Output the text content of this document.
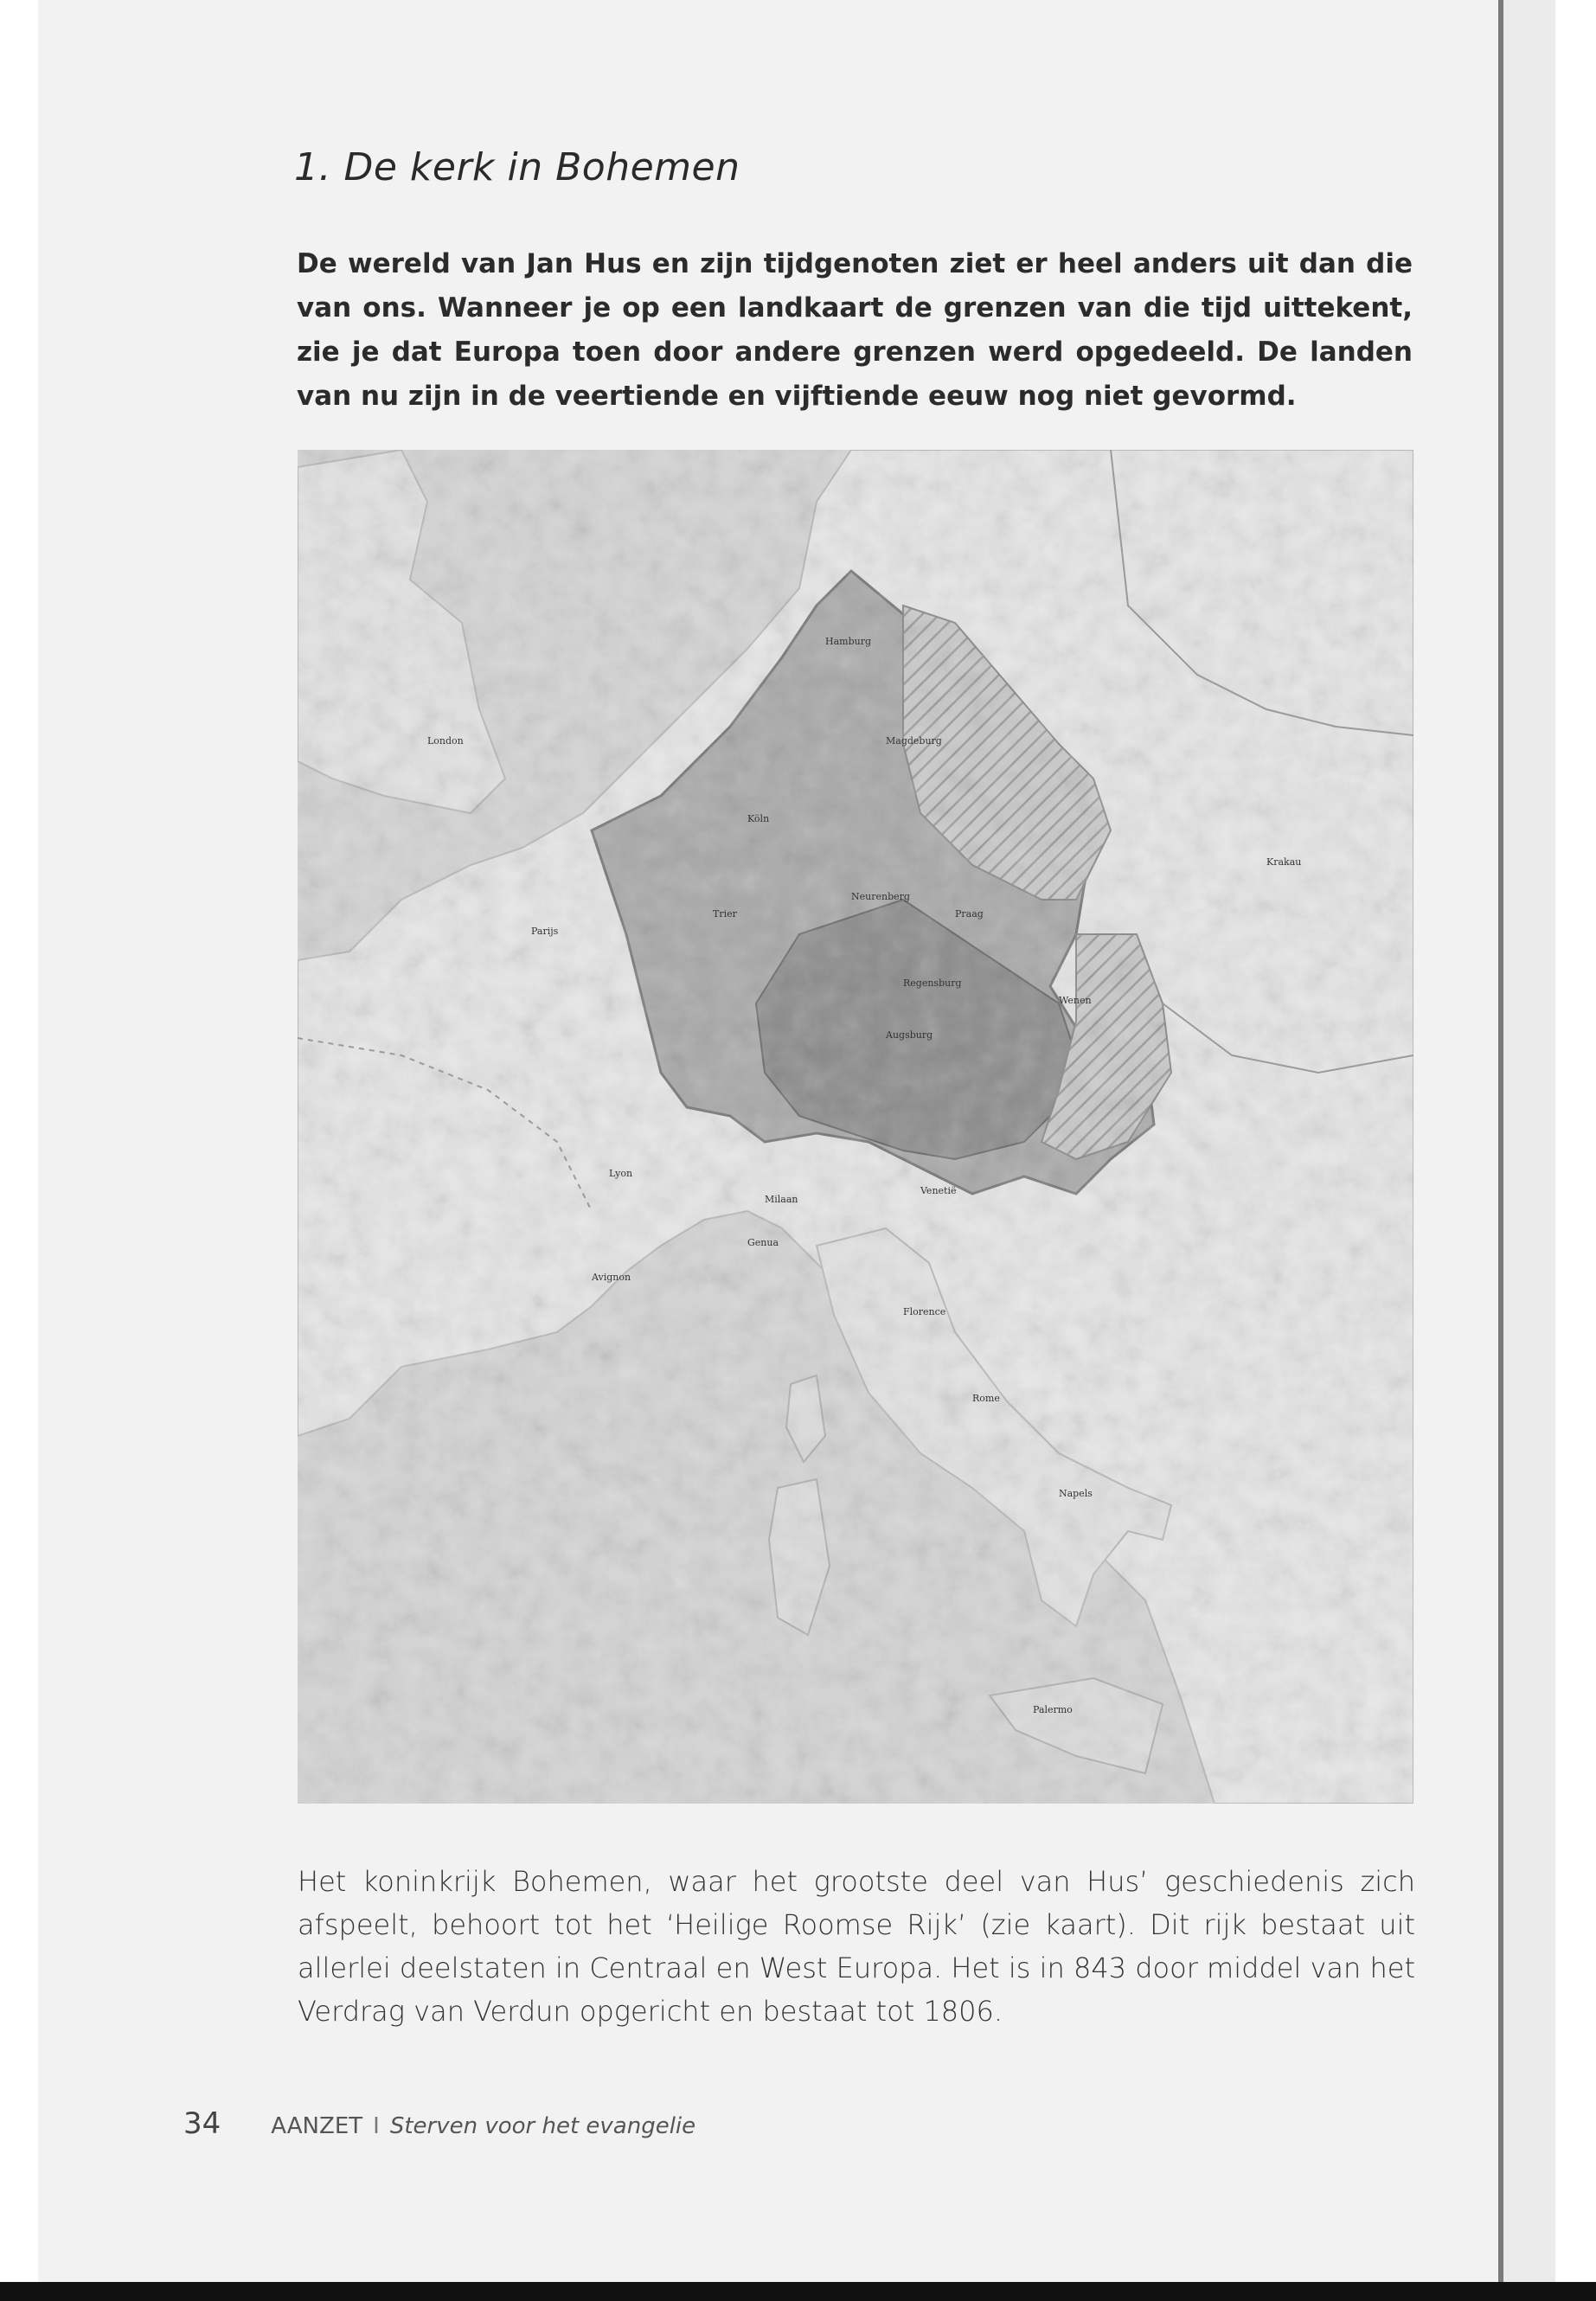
1. De kerk in Bohemen
De wereld van Jan Hus en zijn tijdgenoten ziet er heel anders uit dan die van ons. Wanneer je op een landkaart de grenzen van die tijd uittekent, zie je dat Europa toen door andere grenzen werd opgedeeld. De landen van nu zijn in de veertiende en vijftiende eeuw nog niet gevormd.
London
Hamburg
Magdeburg
Köln
Trier
Neurenberg
Praag
Regensburg
Augsburg
Wenen
Krakau
Parijs
Lyon
Avignon
Milaan
Venetië
Genua
Florence
Rome
Napels
Palermo
Het koninkrijk Bohemen, waar het grootste deel van Hus’ geschiedenis zich afspeelt, behoort tot het ‘Heilige Roomse Rijk’ (zie kaart). Dit rijk bestaat uit allerlei deelstaten in Centraal en West Europa. Het is in 843 door middel van het Verdrag van Verdun opgericht en bestaat tot 1806.
34 AANZET I Sterven voor het evangelie
